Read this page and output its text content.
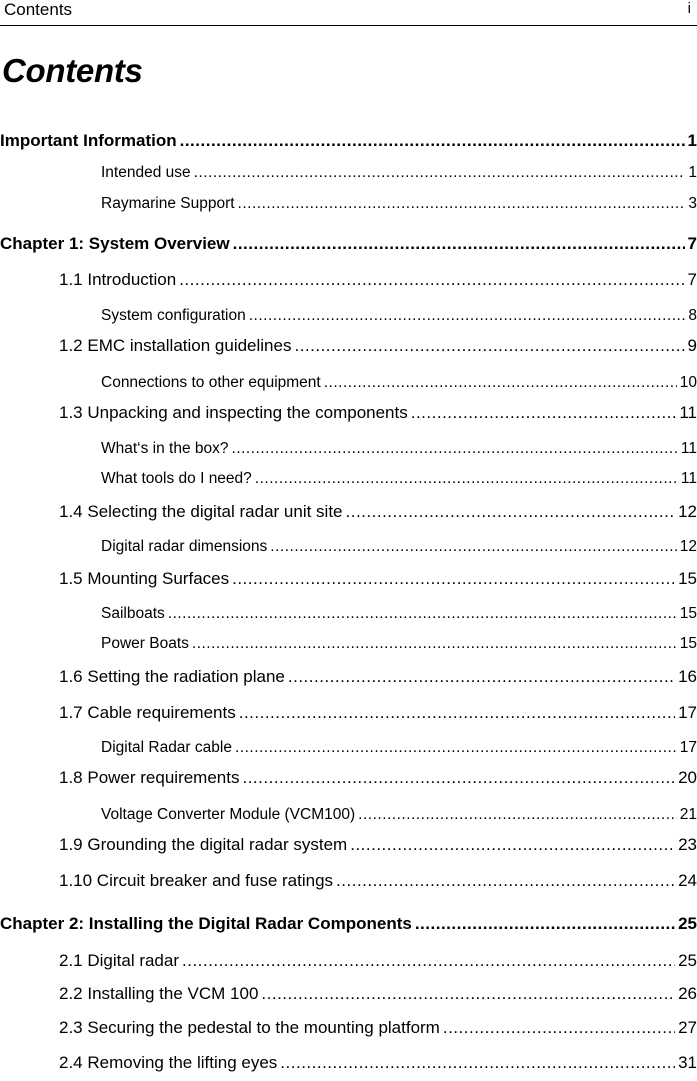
Contents	i
Contents
Important Information .....	1
Intended use .....	1
Raymarine Support .....	3
Chapter 1: System Overview .....	7
1.1 Introduction .....	7
System configuration .....	8
1.2 EMC installation guidelines .....	9
Connections to other equipment .....	10
1.3 Unpacking and inspecting the components .....	11
What‘s in the box? .....	11
What tools do I need? .....	11
1.4 Selecting the digital radar unit site .....	12
Digital radar dimensions .....	12
1.5 Mounting Surfaces .....	15
Sailboats .....	15
Power Boats .....	15
1.6 Setting the radiation plane .....	16
1.7 Cable requirements .....	17
Digital Radar cable .....	17
1.8 Power requirements .....	20
Voltage Converter Module (VCM100) .....	21
1.9 Grounding the digital radar system .....	23
1.10 Circuit breaker and fuse ratings .....	24
Chapter 2: Installing the Digital Radar Components .....	25
2.1 Digital radar .....	25
2.2 Installing the VCM 100 .....	26
2.3 Securing the pedestal to the mounting platform .....	27
2.4 Removing the lifting eyes .....	31
